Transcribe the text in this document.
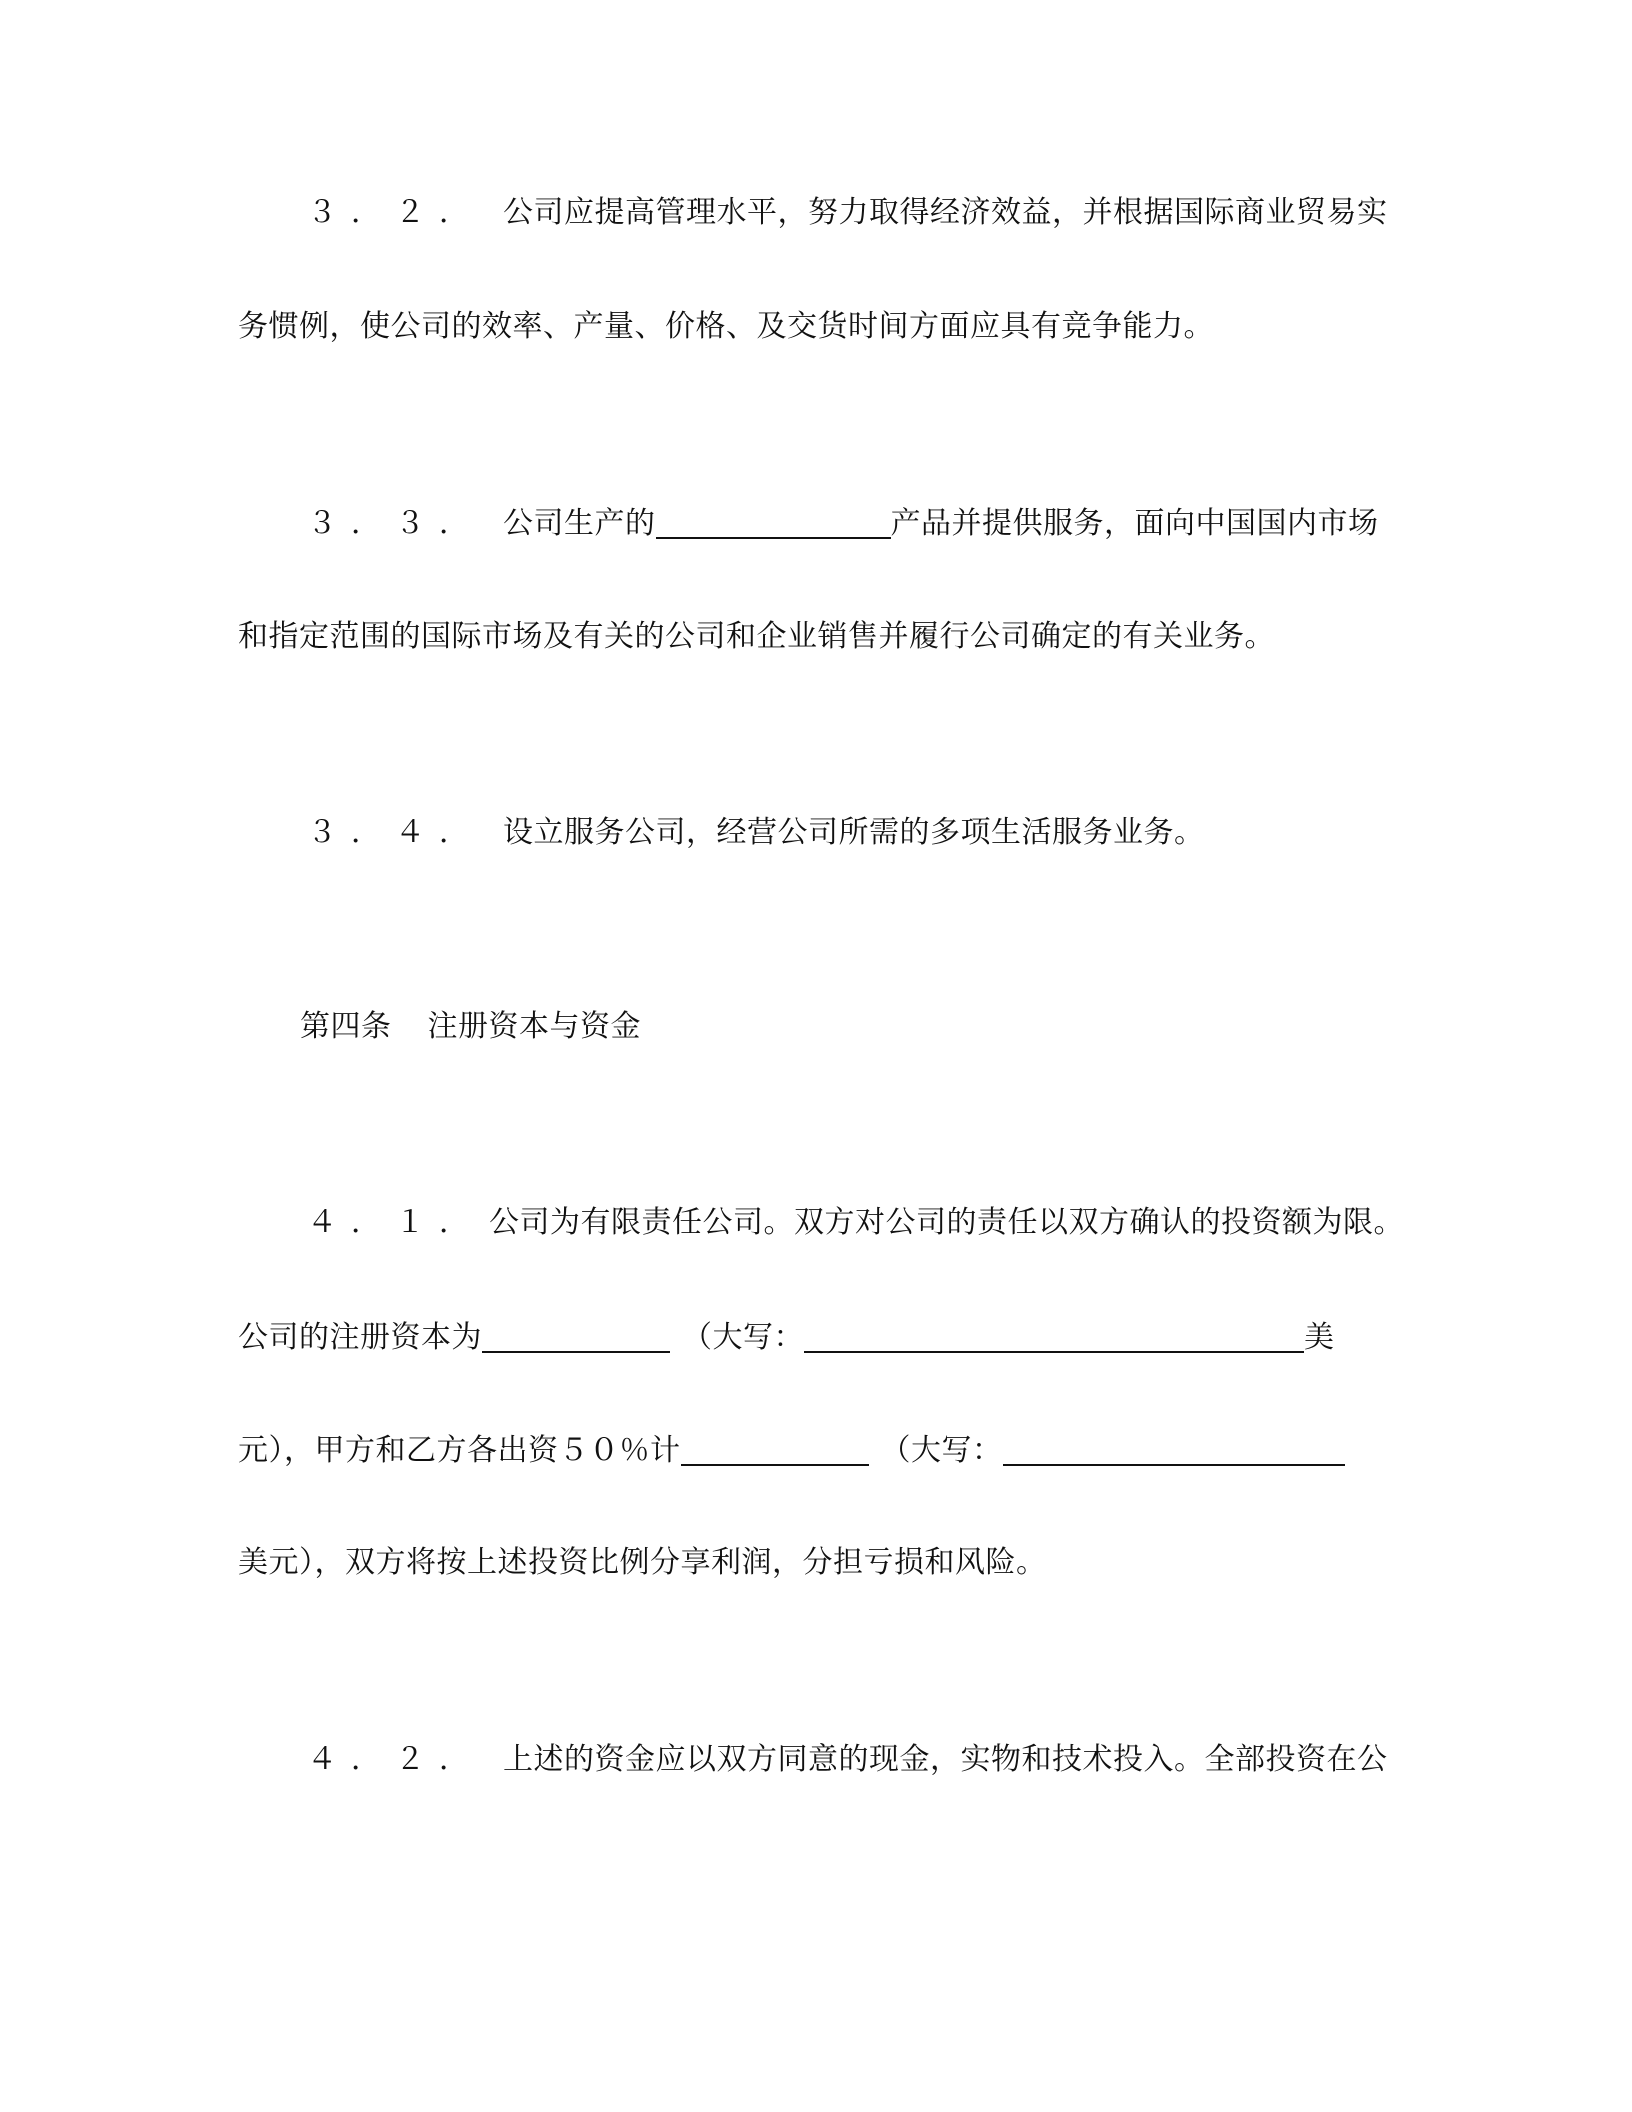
３．２． 公司应提高管理水平，努力取得经济效益，并根据国际商业贸易实
务惯例，使公司的效率、产量、价格、及交货时间方面应具有竞争能力。
３．３． 公司生产的	产品并提供服务，面向中国国内市场
和指定范围的国际市场及有关的公司和企业销售并履行公司确定的有关业务。
３．４． 设立服务公司，经营公司所需的多项生活服务业务。
第四条 注册资本与资金
４．１． 公司为有限责任公司。双方对公司的责任以双方确认的投资额为限。
公司的注册资本为	（大写：	美
元），甲方和乙方各出资５０％计	（大写：
美元），双方将按上述投资比例分享利润，分担亏损和风险。
４．２． 上述的资金应以双方同意的现金，实物和技术投入。全部投资在公
